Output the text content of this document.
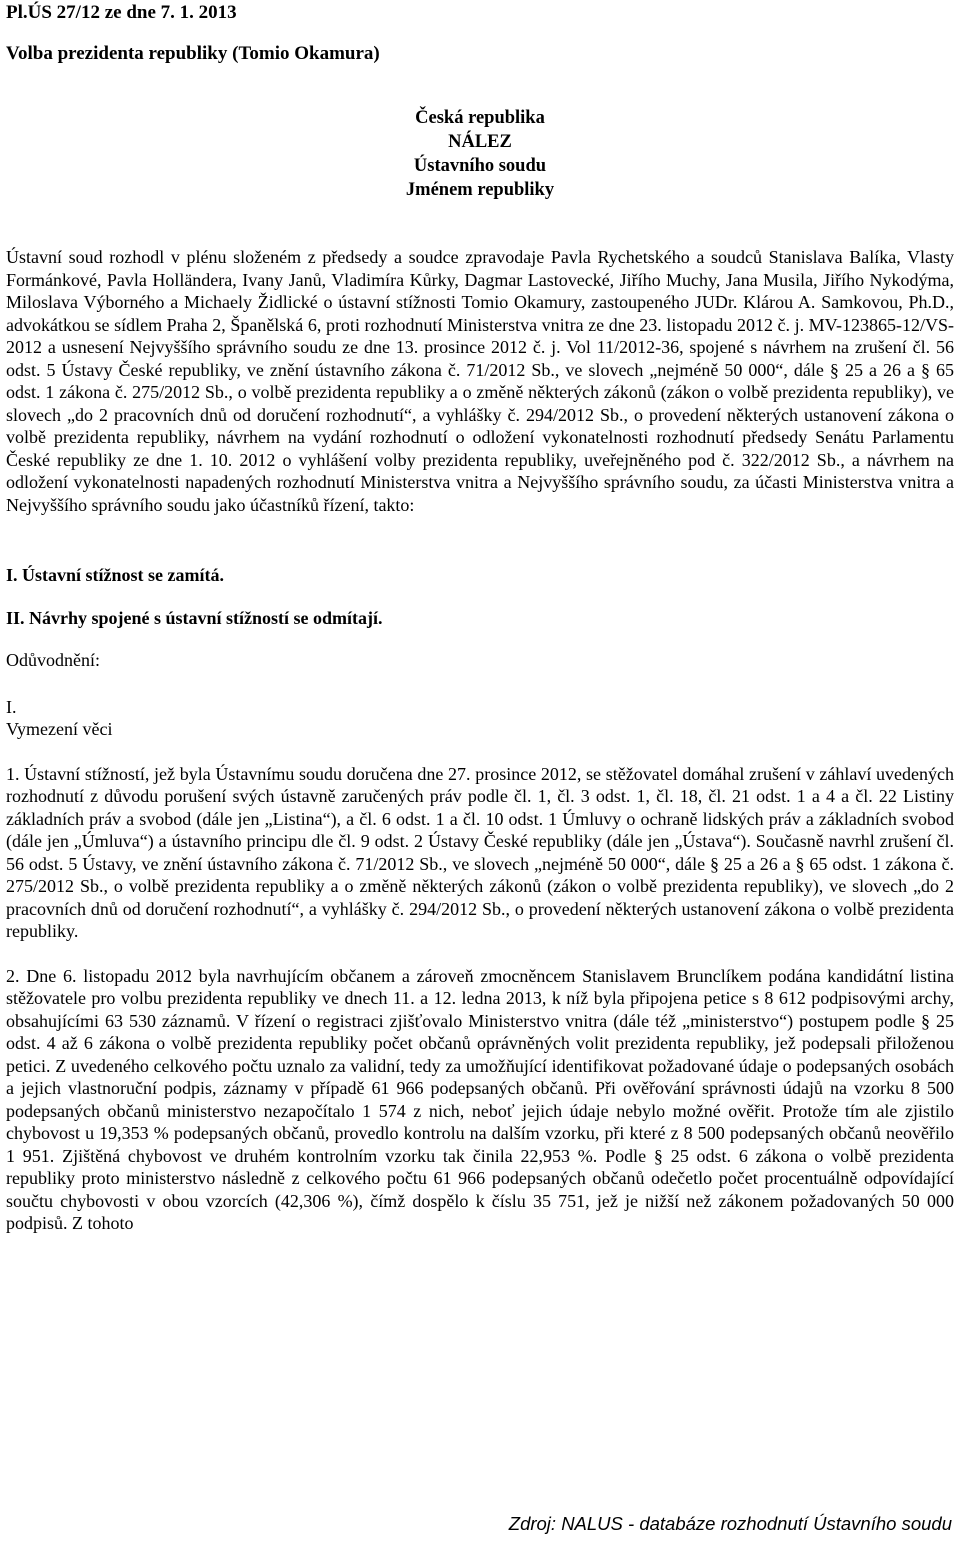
Pl.ÚS 27/12 ze dne 7. 1. 2013
Volba prezidenta republiky (Tomio Okamura)
Česká republika
NÁLEZ
Ústavního soudu
Jménem republiky

Ústavní soud rozhodl v plénu složeném z předsedy a soudce zpravodaje Pavla Rychetského a soudců Stanislava Balíka, Vlasty Formánkové, Pavla Holländera, Ivany Janů, Vladimíra Kůrky, Dagmar Lastovecké, Jiřího Muchy, Jana Musila, Jiřího Nykodýma, Miloslava Výborného a Michaely Židlické o ústavní stížnosti Tomio Okamury, zastoupeného JUDr. Klárou A. Samkovou, Ph.D., advokátkou se sídlem Praha 2, Španělská 6, proti rozhodnutí Ministerstva vnitra ze dne 23. listopadu 2012 č. j. MV-123865-12/VS-2012 a usnesení Nejvyššího správního soudu ze dne 13. prosince 2012 č. j. Vol 11/2012-36, spojené s návrhem na zrušení čl. 56 odst. 5 Ústavy České republiky, ve znění ústavního zákona č. 71/2012 Sb., ve slovech „nejméně 50 000“, dále § 25 a 26 a § 65 odst. 1 zákona č. 275/2012 Sb., o volbě prezidenta republiky a o změně některých zákonů (zákon o volbě prezidenta republiky), ve slovech „do 2 pracovních dnů od doručení rozhodnutí“, a vyhlášky č. 294/2012 Sb., o provedení některých ustanovení zákona o volbě prezidenta republiky, návrhem na vydání rozhodnutí o odložení vykonatelnosti rozhodnutí předsedy Senátu Parlamentu České republiky ze dne 1. 10. 2012 o vyhlášení volby prezidenta republiky, uveřejněného pod č. 322/2012 Sb., a návrhem na odložení vykonatelnosti napadených rozhodnutí Ministerstva vnitra a Nejvyššího správního soudu, za účasti Ministerstva vnitra a Nejvyššího správního soudu jako účastníků řízení, takto:

I. Ústavní stížnost se zamítá.
II. Návrhy spojené s ústavní stížností se odmítají.
Odůvodnění:
I.
Vymezení věci

1. Ústavní stížností, jež byla Ústavnímu soudu doručena dne 27. prosince 2012, se stěžovatel domáhal zrušení v záhlaví uvedených rozhodnutí z důvodu porušení svých ústavně zaručených práv podle čl. 1, čl. 3 odst. 1, čl. 18, čl. 21 odst. 1 a 4 a čl. 22 Listiny základních práv a svobod (dále jen „Listina“), a čl. 6 odst. 1 a čl. 10 odst. 1 Úmluvy o ochraně lidských práv a základních svobod (dále jen „Úmluva“) a ústavního principu dle čl. 9 odst. 2 Ústavy České republiky (dále jen „Ústava“). Současně navrhl zrušení čl. 56 odst. 5 Ústavy, ve znění ústavního zákona č. 71/2012 Sb., ve slovech „nejméně 50 000“, dále § 25 a 26 a § 65 odst. 1 zákona č. 275/2012 Sb., o volbě prezidenta republiky a o změně některých zákonů (zákon o volbě prezidenta republiky), ve slovech „do 2 pracovních dnů od doručení rozhodnutí“, a vyhlášky č. 294/2012 Sb., o provedení některých ustanovení zákona o volbě prezidenta republiky.

2. Dne 6. listopadu 2012 byla navrhujícím občanem a zároveň zmocněncem Stanislavem Brunclíkem podána kandidátní listina stěžovatele pro volbu prezidenta republiky ve dnech 11. a 12. ledna 2013, k níž byla připojena petice s 8 612 podpisovými archy, obsahujícími 63 530 záznamů. V řízení o registraci zjišťovalo Ministerstvo vnitra (dále též „ministerstvo“) postupem podle § 25 odst. 4 až 6 zákona o volbě prezidenta republiky počet občanů oprávněných volit prezidenta republiky, jež podepsali přiloženou petici. Z uvedeného celkového počtu uznalo za validní, tedy za umožňující identifikovat požadované údaje o podepsaných osobách a jejich vlastnoruční podpis, záznamy v případě 61 966 podepsaných občanů. Při ověřování správnosti údajů na vzorku 8 500 podepsaných občanů ministerstvo nezapočítalo 1 574 z nich, neboť jejich údaje nebylo možné ověřit. Protože tím ale zjistilo chybovost u 19,353 % podepsaných občanů, provedlo kontrolu na dalším vzorku, při které z 8 500 podepsaných občanů neověřilo 1 951. Zjištěná chybovost ve druhém kontrolním vzorku tak činila 22,953 %. Podle § 25 odst. 6 zákona o volbě prezidenta republiky proto ministerstvo následně z celkového počtu 61 966 podepsaných občanů odečetlo počet procentuálně odpovídající součtu chybovosti v obou vzorcích (42,306 %), čímž dospělo k číslu 35 751, jež je nižší než zákonem požadovaných 50 000 podpisů. Z tohoto

Zdroj: NALUS - databáze rozhodnutí Ústavního soudu
